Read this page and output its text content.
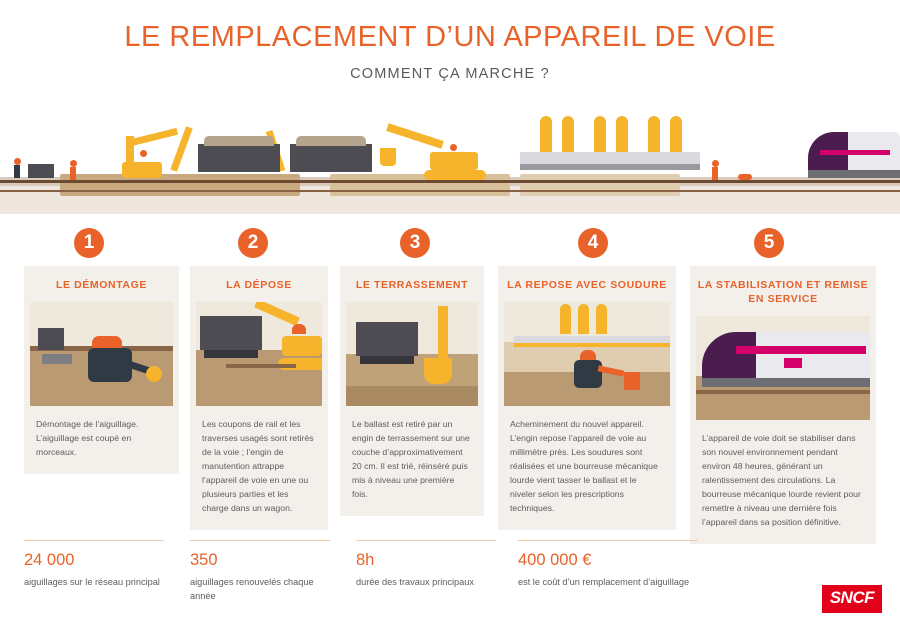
LE REMPLACEMENT D’UN APPAREIL DE VOIE
COMMENT ÇA MARCHE ?
1	2	3	4	5
LE DÉMONTAGE
Démontage de l’aiguillage. L’aiguillage est coupé en morceaux.
LA DÉPOSE
Les coupons de rail et les traverses usagés sont retirés de la voie ; l’engin de manutention attrappe l’appareil de voie en une ou plusieurs parties et les charge dans un wagon.
LE TERRASSEMENT
Le ballast est retiré par un engin de terrassement sur une couche d’approximativement 20 cm. Il est trié, réinséré puis mis à niveau une première fois.
LA REPOSE AVEC SOUDURE
Acheminement du nouvel appareil. L’engin repose l’appareil de voie au millimètre près. Les soudures sont réalisées et une bourreuse mécanique lourde vient tasser le ballast et le niveler selon les prescriptions techniques.
LA STABILISATION ET REMISE EN SERVICE
L’appareil de voie doit se stabiliser dans son nouvel environnement pendant environ 48 heures, générant un ralentissement des circulations. La bourreuse mécanique lourde revient pour remettre à niveau une dernière fois l’appareil dans sa position définitive.
24 000
aiguillages sur le réseau principal
350
aiguillages renouvelés chaque année
8h
durée des travaux principaux
400 000 €
est le coût d’un remplacement d’aiguillage
SNCF
